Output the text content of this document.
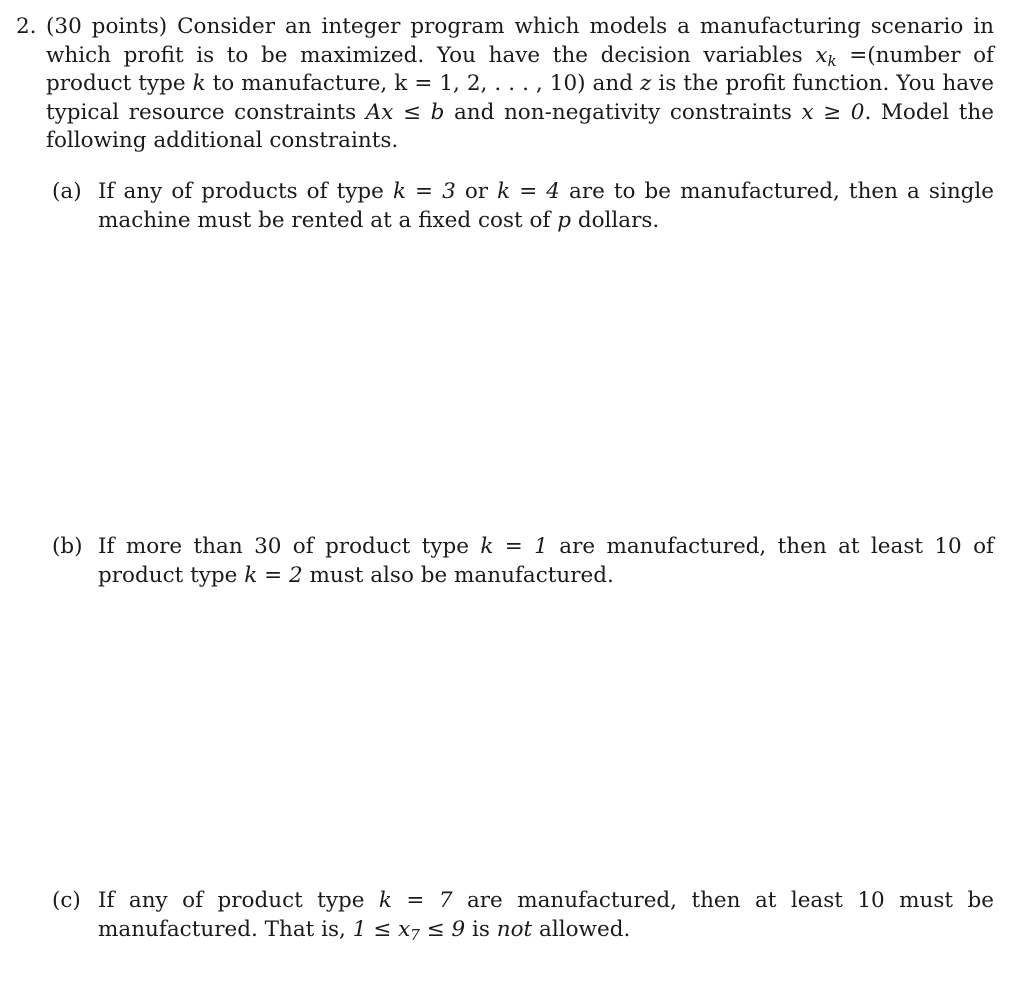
2. (30 points) Consider an integer program which models a manufacturing scenario in which profit is to be maximized. You have the decision variables $x_k$ =(number of product type k to manufacture, k = 1, 2, . . . , 10) and z is the profit function. You have typical resource constraints Ax ≤ b and non-negativity constraints x ≥ 0. Model the following additional constraints.
(a) If any of products of type k = 3 or k = 4 are to be manufactured, then a single machine must be rented at a fixed cost of p dollars.
(b) If more than 30 of product type k = 1 are manufactured, then at least 10 of product type k = 2 must also be manufactured.
(c) If any of product type k = 7 are manufactured, then at least 10 must be manufactured. That is, $1 \le x_7 \le 9$ is not allowed.
